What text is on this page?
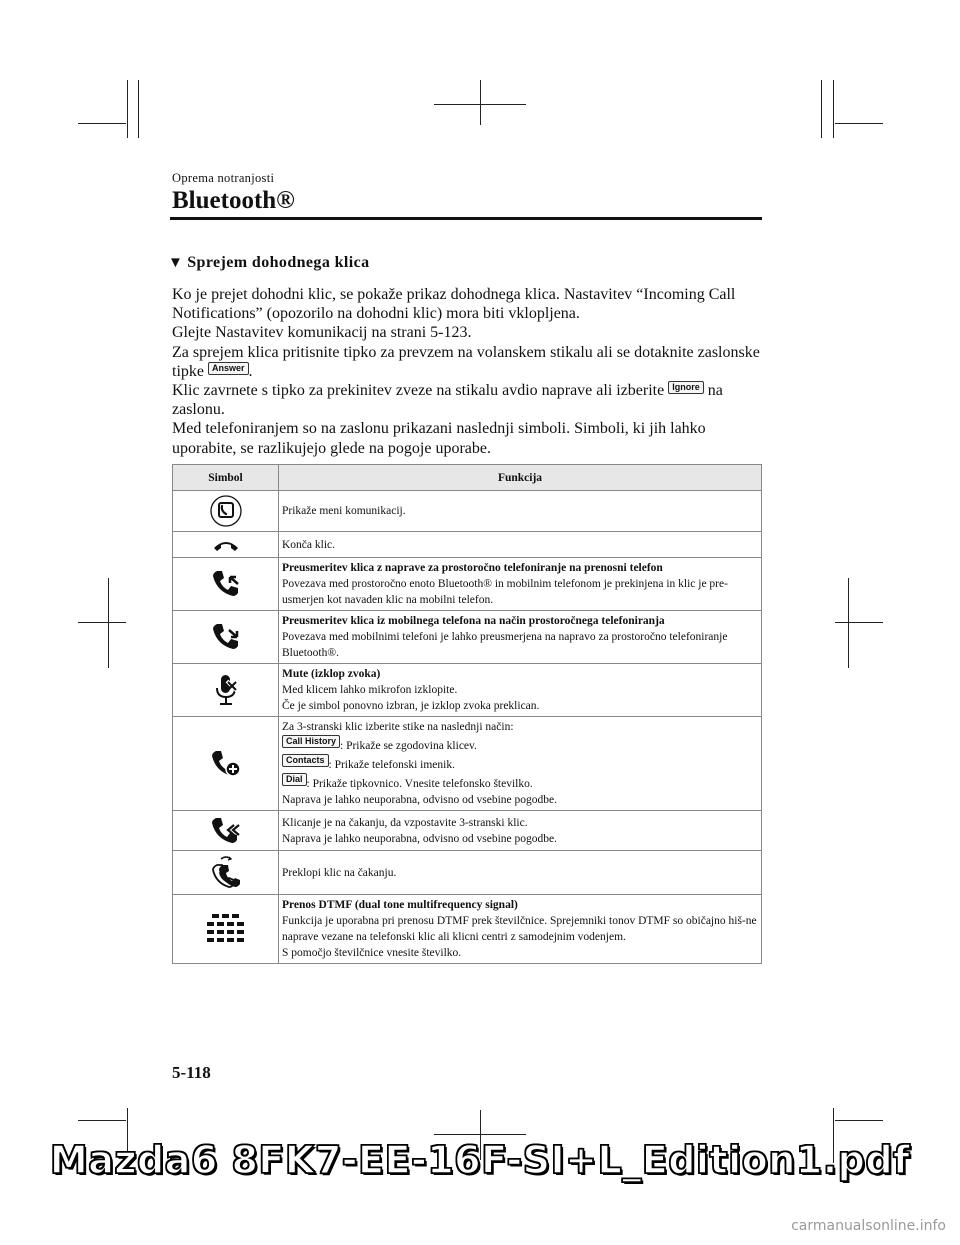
Oprema notranjosti
Bluetooth®
▼ Sprejem dohodnega klica

Ko je prejet dohodni klic, se pokaže prikaz dohodnega klica. Nastavitev “Incoming Call Notifications” (opozorilo na dohodni klic) mora biti vklopljena.

Glejte Nastavitev komunikacij na strani 5-123.

Za sprejem klica pritisnite tipko za prevzem na volanskem stikalu ali se dotaknite zaslonske tipke Answer .

Klic zavrnete s tipko za prekinitev zveze na stikalu avdio naprave ali izberite Ignore na zaslonu.

Med telefoniranjem so na zaslonu prikazani naslednji simboli. Simboli, ki jih lahko uporabite, se razlikujejo glede na pogoje uporabe.

Simbol	Funkcija

	Prikaže meni komunikacij.

	Konča klic.

Preusmeritev klica z naprave za prostoročno telefoniranje na prenosni telefon
Povezava med prostoročno enoto Bluetooth® in mobilnim telefonom je prekinjena in klic je pre-usmerjen kot navaden klic na mobilni telefon.

Preusmeritev klica iz mobilnega telefona na način prostoročnega telefoniranja
Povezava med mobilnimi telefoni je lahko preusmerjena na napravo za prostoročno telefoniranje Bluetooth®.

Mute (izklop zvoka)
Med klicem lahko mikrofon izklopite.
Če je simbol ponovno izbran, je izklop zvoka preklican.

Za 3-stranski klic izberite stike na naslednji način:
Call History : Prikaže se zgodovina klicev.
Contacts : Prikaže telefonski imenik.
Dial : Prikaže tipkovnico. Vnesite telefonsko številko.
Naprava je lahko neuporabna, odvisno od vsebine pogodbe.

Klicanje je na čakanju, da vzpostavite 3-stranski klic.
Naprava je lahko neuporabna, odvisno od vsebine pogodbe.

	Preklopi klic na čakanju.

Prenos DTMF (dual tone multifrequency signal)
Funkcija je uporabna pri prenosu DTMF prek številčnice. Sprejemniki tonov DTMF so običajno hiš-ne naprave vezane na telefonski klic ali klicni centri z samodejnim vodenjem.
S pomočjo številčnice vnesite številko.
5-118
Mazda6 8FK7-EE-16F-SI+L_Edition1.pdf
carmanualsonline.info
